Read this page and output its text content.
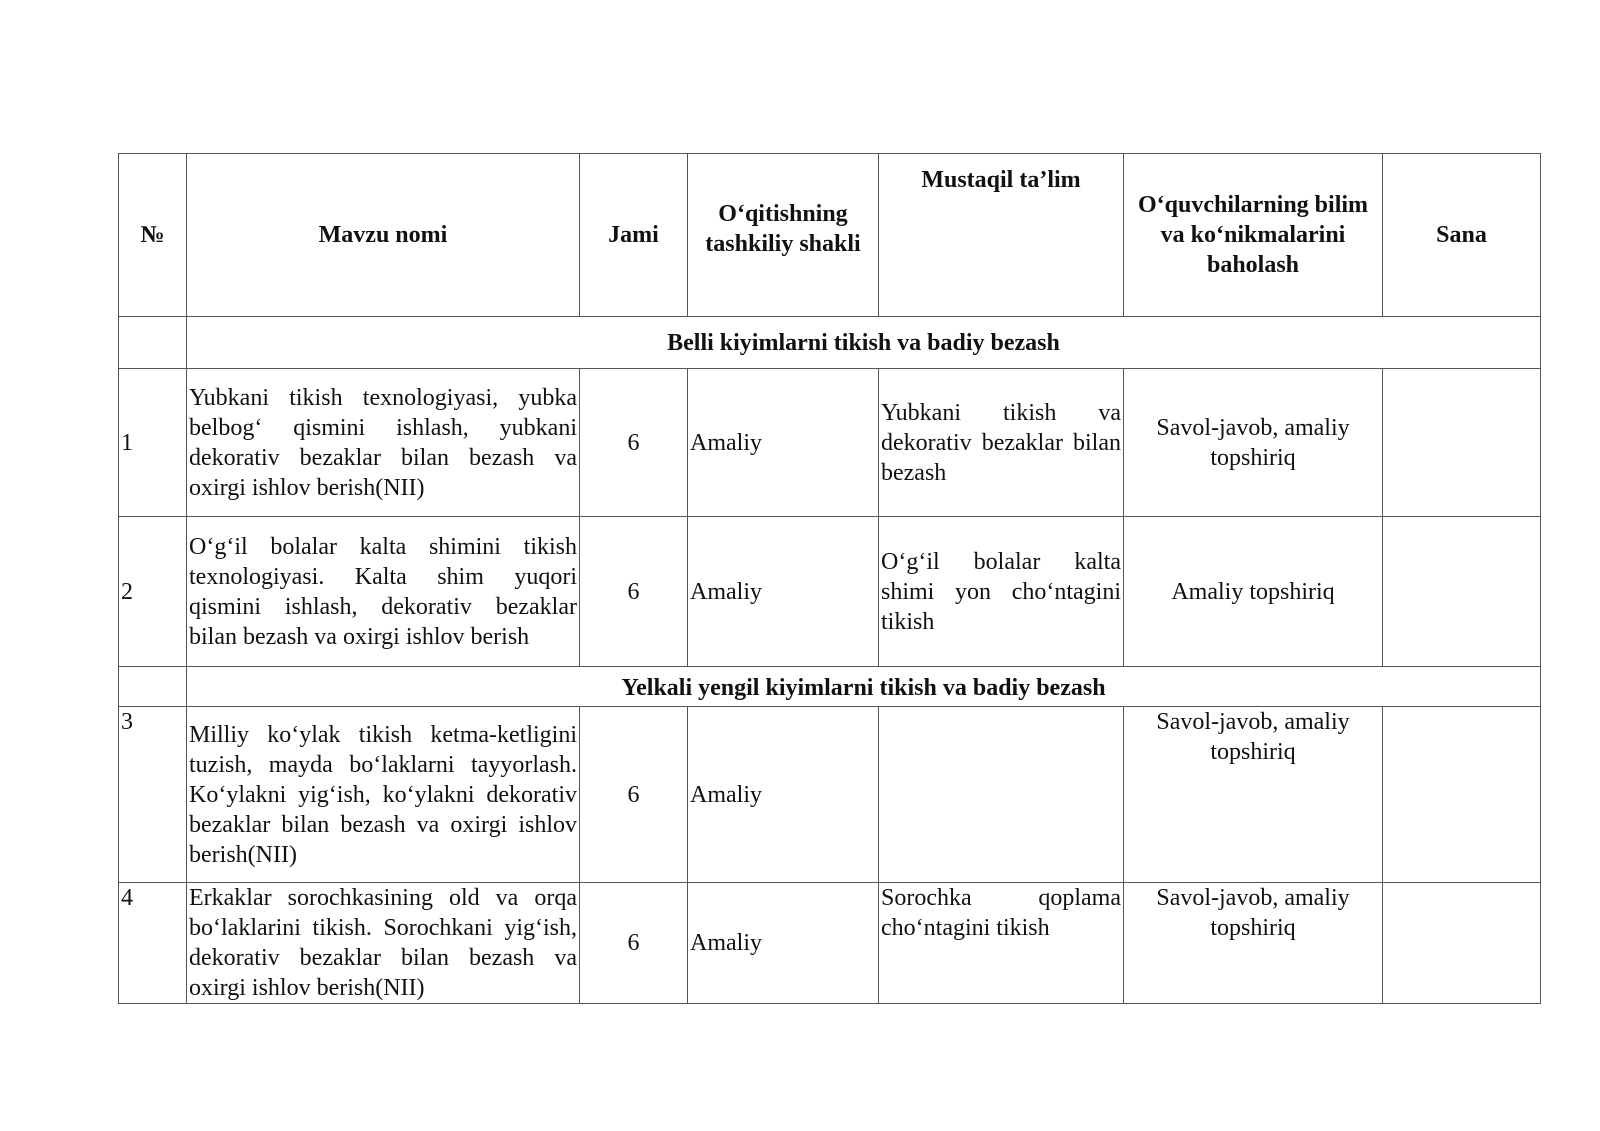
№	Mavzu nomi	Jami	O‘qitishning tashkiliy shakli	Mustaqil ta’lim	O‘quvchilarning bilim va ko‘nikmalarini baholash	Sana
	Belli kiyimlarni tikish va badiy bezash					
1	Yubkani tikish texnologiyasi, yubka belbog‘ qismini ishlash, yubkani dekorativ bezaklar bilan bezash va oxirgi ishlov berish(NII)	6	Amaliy	Yubkani tikish va dekorativ bezaklar bilan bezash	Savol-javob, amaliy topshiriq	
2	O‘g‘il bolalar kalta shimini tikish texnologiyasi. Kalta shim yuqori qismini ishlash, dekorativ bezaklar bilan bezash va oxirgi ishlov berish	6	Amaliy	O‘g‘il bolalar kalta shimi yon cho‘ntagini tikish	Amaliy topshiriq	
	Yelkali yengil kiyimlarni tikish va badiy bezash					
3	Milliy ko‘ylak tikish ketma-ketligini tuzish, mayda bo‘laklarni tayyorlash. Ko‘ylakni yig‘ish, ko‘ylakni dekorativ bezaklar bilan bezash va oxirgi ishlov berish(NII)	6	Amaliy		Savol-javob, amaliy topshiriq	
4	Erkaklar sorochkasining old va orqa bo‘laklarini tikish. Sorochkani yig‘ish, dekorativ bezaklar bilan bezash va oxirgi ishlov berish(NII)	6	Amaliy	Sorochka qoplama cho‘ntagini tikish	Savol-javob, amaliy topshiriq	
